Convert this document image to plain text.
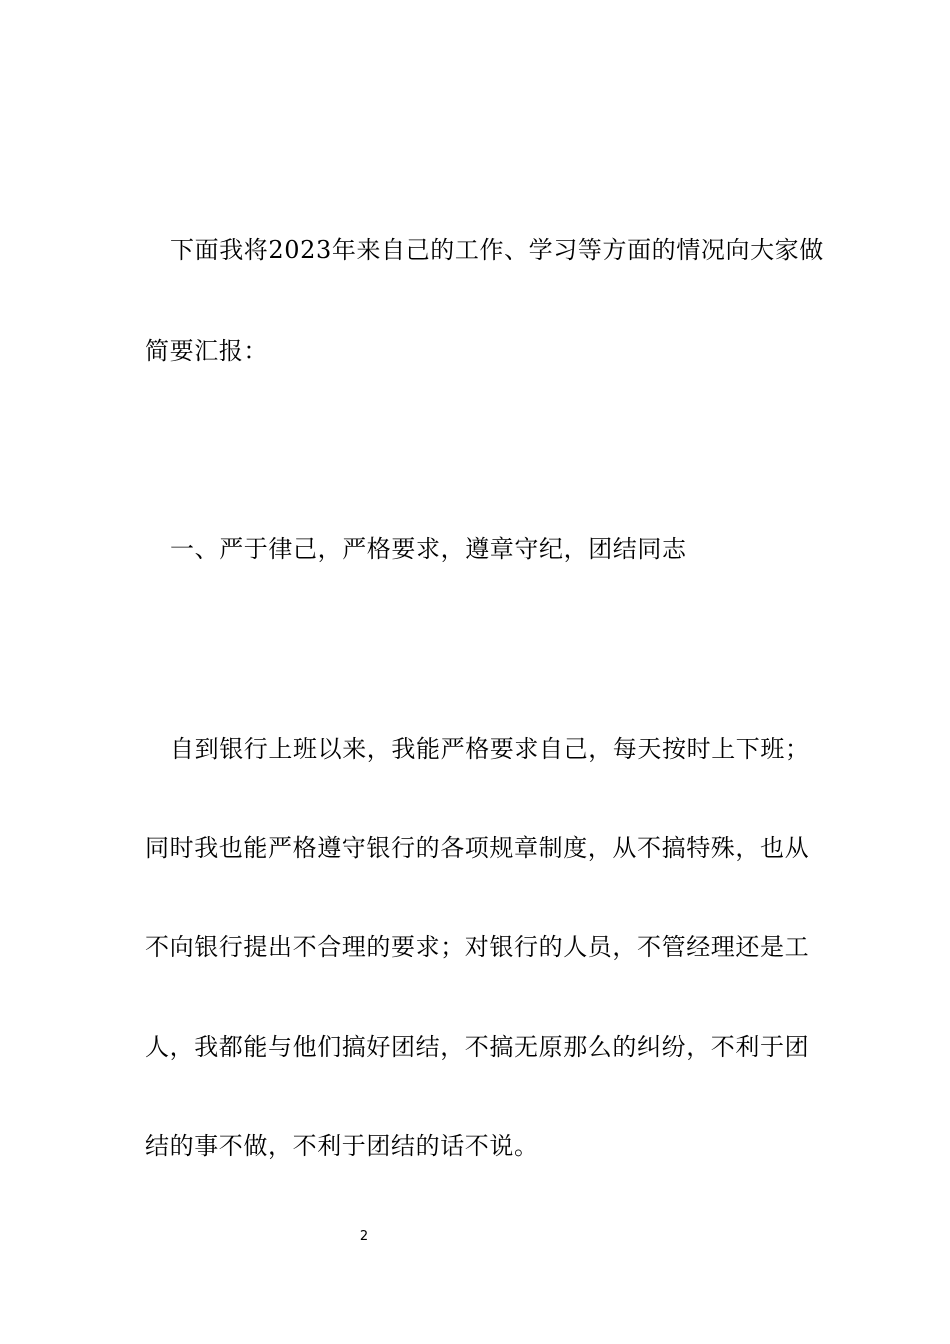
下面我将2023年来自己的工作、学习等方面的情况向大家做
简要汇报：
一、严于律己，严格要求，遵章守纪，团结同志
自到银行上班以来，我能严格要求自己，每天按时上下班；
同时我也能严格遵守银行的各项规章制度，从不搞特殊，也从
不向银行提出不合理的要求；对银行的人员，不管经理还是工
人，我都能与他们搞好团结，不搞无原那么的纠纷，不利于团
结的事不做，不利于团结的话不说。
2
